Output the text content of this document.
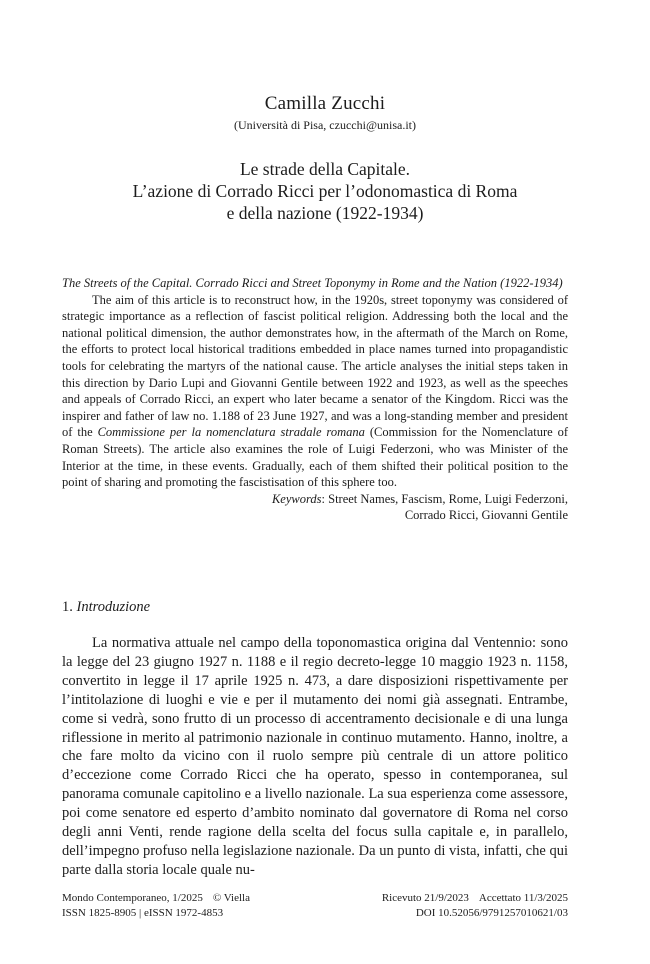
Camilla Zucchi
(Università di Pisa, czucchi@unisa.it)
Le strade della Capitale.
L’azione di Corrado Ricci per l’odonomastica di Roma
e della nazione (1922-1934)
The Streets of the Capital. Corrado Ricci and Street Toponymy in Rome and the Nation (1922-1934)

The aim of this article is to reconstruct how, in the 1920s, street toponymy was considered of strategic importance as a reflection of fascist political religion. Addressing both the local and the national political dimension, the author demonstrates how, in the aftermath of the March on Rome, the efforts to protect local historical traditions embedded in place names turned into propagandistic tools for celebrating the martyrs of the national cause. The article analyses the initial steps taken in this direction by Dario Lupi and Giovanni Gentile between 1922 and 1923, as well as the speeches and appeals of Corrado Ricci, an expert who later became a senator of the Kingdom. Ricci was the inspirer and father of law no. 1.188 of 23 June 1927, and was a long-standing member and president of the Commissione per la nomenclatura stradale romana (Commission for the Nomenclature of Roman Streets). The article also examines the role of Luigi Federzoni, who was Minister of the Interior at the time, in these events. Gradually, each of them shifted their political position to the point of sharing and promoting the fascistisation of this sphere too.

Keywords: Street Names, Fascism, Rome, Luigi Federzoni,
Corrado Ricci, Giovanni Gentile
1. Introduzione

La normativa attuale nel campo della toponomastica origina dal Ventennio: sono la legge del 23 giugno 1927 n. 1188 e il regio decreto-legge 10 maggio 1923 n. 1158, convertito in legge il 17 aprile 1925 n. 473, a dare disposizioni rispettivamente per l’intitolazione di luoghi e vie e per il mutamento dei nomi già assegnati. Entrambe, come si vedrà, sono frutto di un processo di accentramento decisionale e di una lunga riflessione in merito al patrimonio nazionale in continuo mutamento. Hanno, inoltre, a che fare molto da vicino con il ruolo sempre più centrale di un attore politico d’eccezione come Corrado Ricci che ha operato, spesso in contemporanea, sul panorama comunale capitolino e a livello nazionale. La sua esperienza come assessore, poi come senatore ed esperto d’ambito nominato dal governatore di Roma nel corso degli anni Venti, rende ragione della scelta del focus sulla capitale e, in parallelo, dell’impegno profuso nella legislazione nazionale. Da un punto di vista, infatti, che qui parte dalla storia locale quale nu-

Mondo Contemporaneo, 1/2025 © Viella
ISSN 1825-8905 | eISSN 1972-4853
Ricevuto 21/9/2023 Accettato 11/3/2025
DOI 10.52056/9791257010621/03
